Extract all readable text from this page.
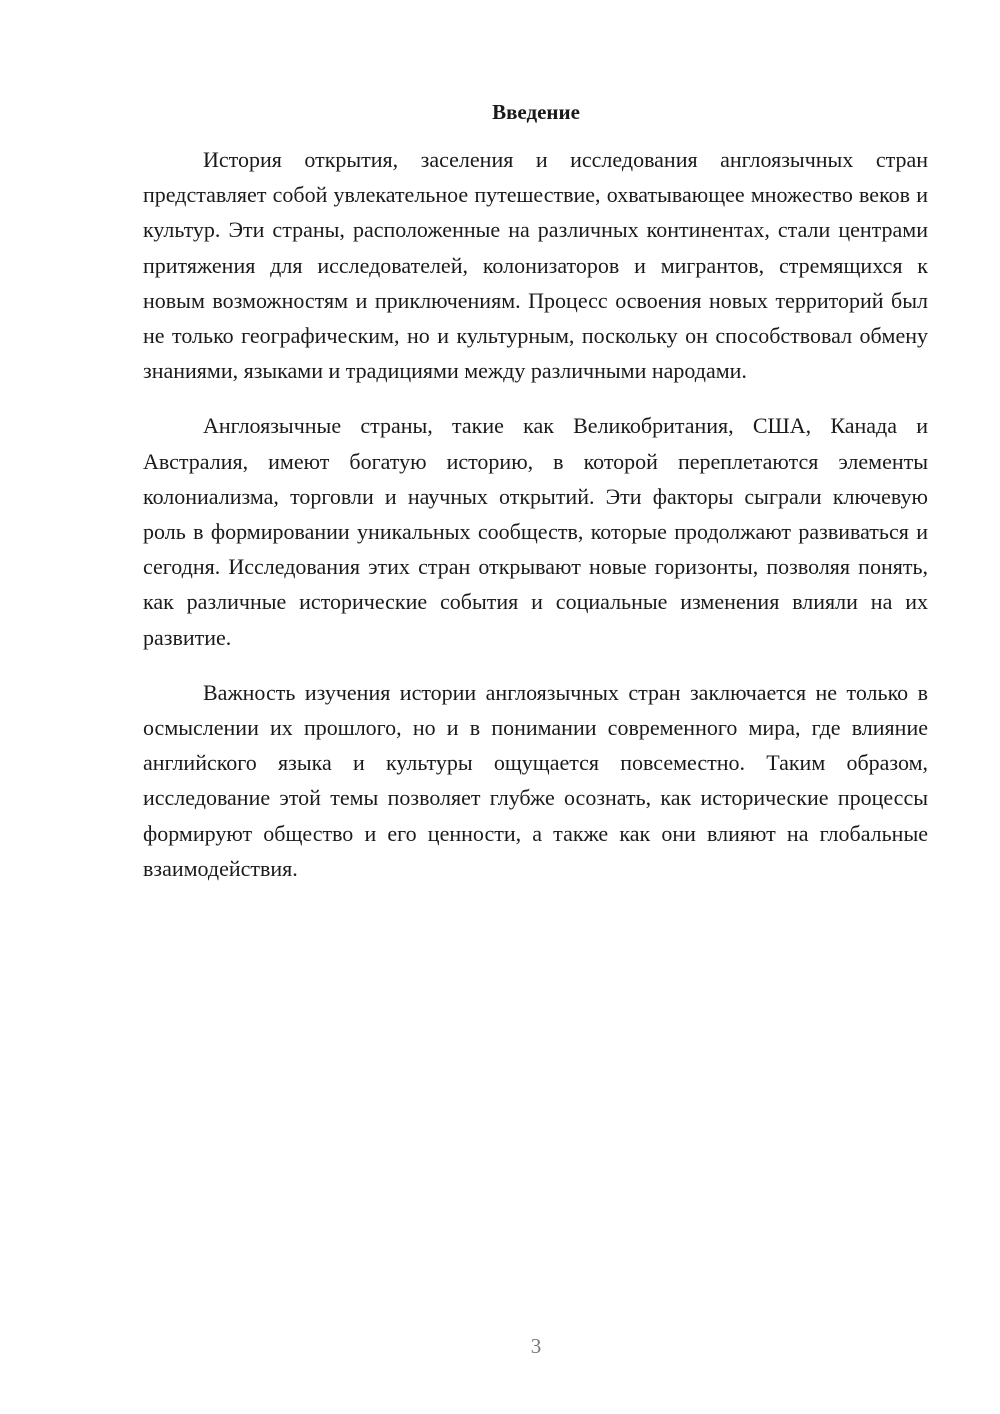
Введение

История открытия, заселения и исследования англоязычных стран представляет собой увлекательное путешествие, охватывающее множество веков и культур. Эти страны, расположенные на различных континентах, стали центрами притяжения для исследователей, колонизаторов и мигрантов, стремящихся к новым возможностям и приключениям. Процесс освоения новых территорий был не только географическим, но и культурным, поскольку он способствовал обмену знаниями, языками и традициями между различными народами.

Англоязычные страны, такие как Великобритания, США, Канада и Австралия, имеют богатую историю, в которой переплетаются элементы колониализма, торговли и научных открытий. Эти факторы сыграли ключевую роль в формировании уникальных сообществ, которые продолжают развиваться и сегодня. Исследования этих стран открывают новые горизонты, позволяя понять, как различные исторические события и социальные изменения влияли на их развитие.

Важность изучения истории англоязычных стран заключается не только в осмыслении их прошлого, но и в понимании современного мира, где влияние английского языка и культуры ощущается повсеместно. Таким образом, исследование этой темы позволяет глубже осознать, как исторические процессы формируют общество и его ценности, а также как они влияют на глобальные взаимодействия.

3
